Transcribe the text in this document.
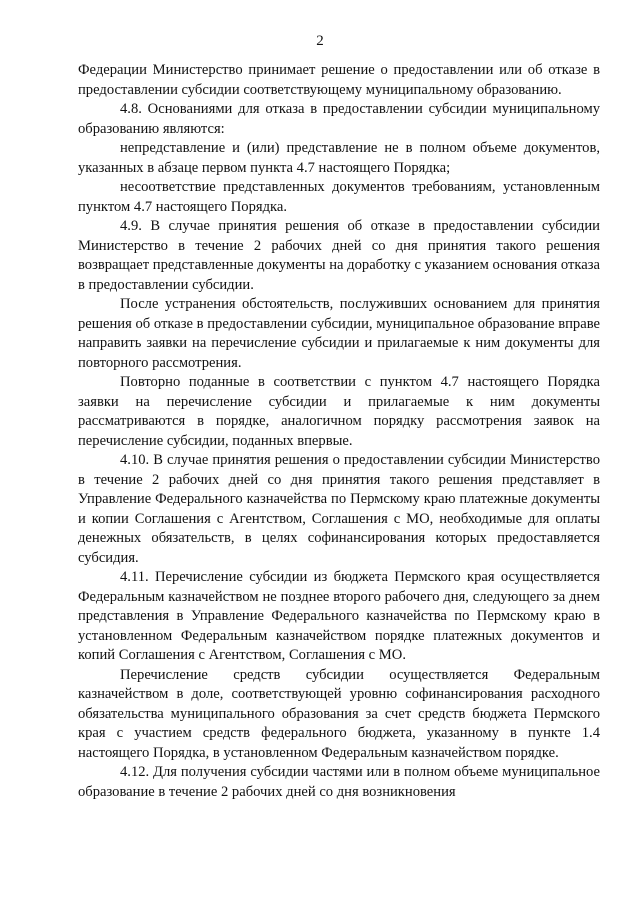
2

Федерации Министерство принимает решение о предоставлении или об отказе в предоставлении субсидии соответствующему муниципальному образованию.

4.8. Основаниями для отказа в предоставлении субсидии муниципальному образованию являются:

непредставление и (или) представление не в полном объеме документов, указанных в абзаце первом пункта 4.7 настоящего Порядка;

несоответствие представленных документов требованиям, установленным пунктом 4.7 настоящего Порядка.

4.9. В случае принятия решения об отказе в предоставлении субсидии Министерство в течение 2 рабочих дней со дня принятия такого решения возвращает представленные документы на доработку с указанием основания отказа в предоставлении субсидии.

После устранения обстоятельств, послуживших основанием для принятия решения об отказе в предоставлении субсидии, муниципальное образование вправе направить заявки на перечисление субсидии и прилагаемые к ним документы для повторного рассмотрения.

Повторно поданные в соответствии с пунктом 4.7 настоящего Порядка заявки на перечисление субсидии и прилагаемые к ним документы рассматриваются в порядке, аналогичном порядку рассмотрения заявок на перечисление субсидии, поданных впервые.

4.10. В случае принятия решения о предоставлении субсидии Министерство в течение 2 рабочих дней со дня принятия такого решения представляет в Управление Федерального казначейства по Пермскому краю платежные документы и копии Соглашения с Агентством, Соглашения с МО, необходимые для оплаты денежных обязательств, в целях софинансирования которых предоставляется субсидия.

4.11. Перечисление субсидии из бюджета Пермского края осуществляется Федеральным казначейством не позднее второго рабочего дня, следующего за днем представления в Управление Федерального казначейства по Пермскому краю в установленном Федеральным казначейством порядке платежных документов и копий Соглашения с Агентством, Соглашения с МО.

Перечисление средств субсидии осуществляется Федеральным казначейством в доле, соответствующей уровню софинансирования расходного обязательства муниципального образования за счет средств бюджета Пермского края с участием средств федерального бюджета, указанному в пункте 1.4 настоящего Порядка, в установленном Федеральным казначейством порядке.

4.12. Для получения субсидии частями или в полном объеме муниципальное образование в течение 2 рабочих дней со дня возникновения
